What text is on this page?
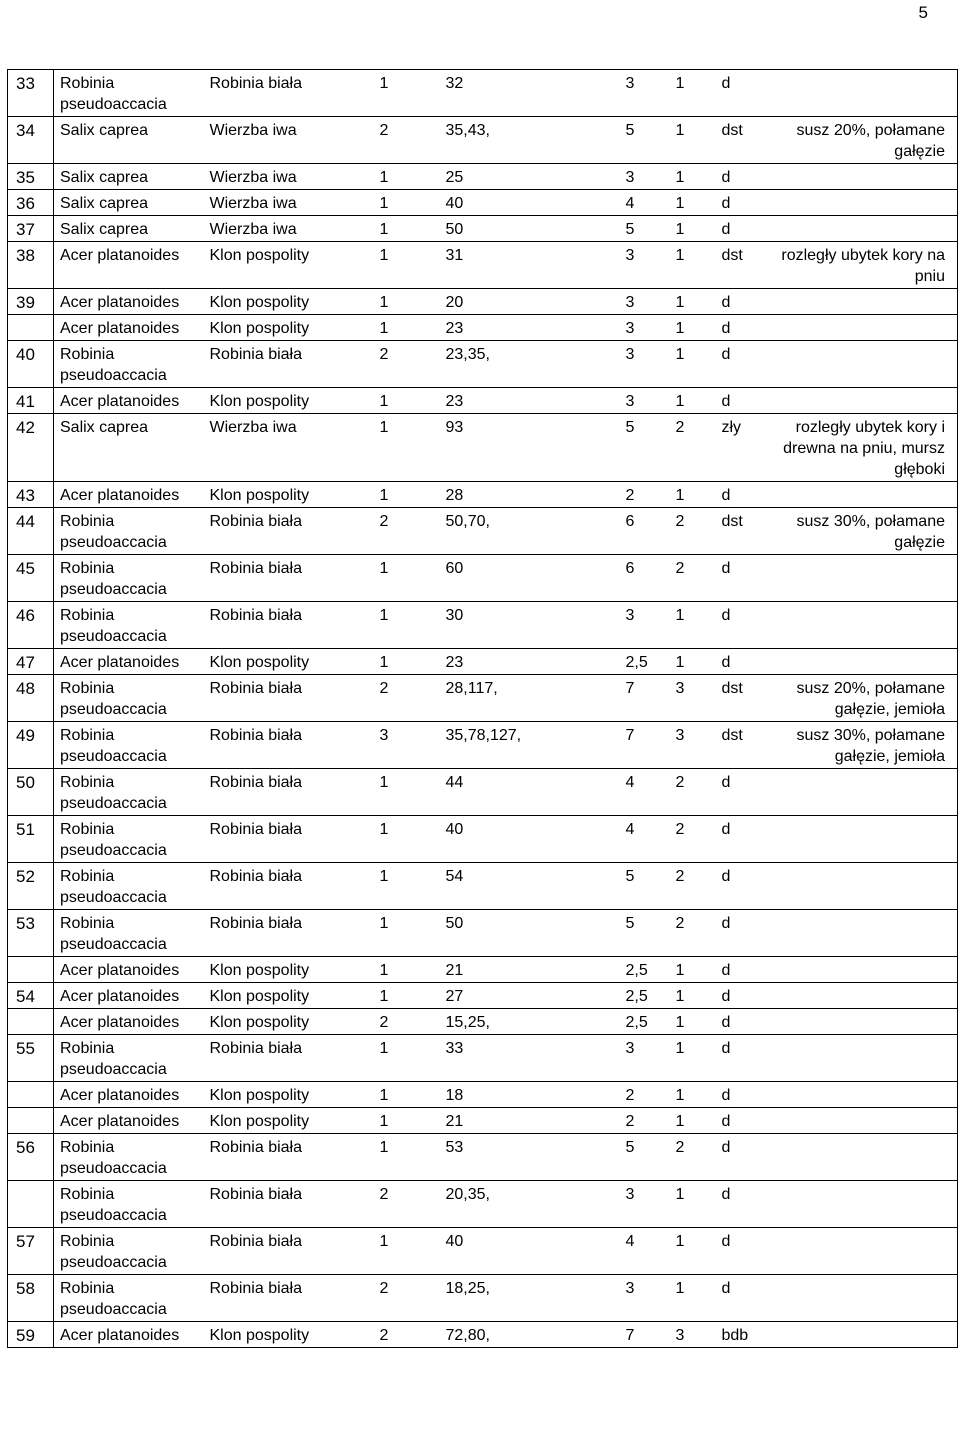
5
33	Robinia pseudoaccacia	Robinia biała	1	32	3	1	d	
34	Salix caprea	Wierzba iwa	2	35,43,	5	1	dst	susz 20%, połamane gałęzie
35	Salix caprea	Wierzba iwa	1	25	3	1	d	
36	Salix caprea	Wierzba iwa	1	40	4	1	d	
37	Salix caprea	Wierzba iwa	1	50	5	1	d	
38	Acer platanoides	Klon pospolity	1	31	3	1	dst	rozległy ubytek kory na pniu
39	Acer platanoides	Klon pospolity	1	20	3	1	d	
	Acer platanoides	Klon pospolity	1	23	3	1	d	
40	Robinia pseudoaccacia	Robinia biała	2	23,35,	3	1	d	
41	Acer platanoides	Klon pospolity	1	23	3	1	d	
42	Salix caprea	Wierzba iwa	1	93	5	2	zły	rozległy ubytek kory i drewna na pniu, mursz głęboki
43	Acer platanoides	Klon pospolity	1	28	2	1	d	
44	Robinia pseudoaccacia	Robinia biała	2	50,70,	6	2	dst	susz 30%, połamane gałęzie
45	Robinia pseudoaccacia	Robinia biała	1	60	6	2	d	
46	Robinia pseudoaccacia	Robinia biała	1	30	3	1	d	
47	Acer platanoides	Klon pospolity	1	23	2,5	1	d	
48	Robinia pseudoaccacia	Robinia biała	2	28,117,	7	3	dst	susz 20%, połamane gałęzie, jemioła
49	Robinia pseudoaccacia	Robinia biała	3	35,78,127,	7	3	dst	susz 30%, połamane gałęzie, jemioła
50	Robinia pseudoaccacia	Robinia biała	1	44	4	2	d	
51	Robinia pseudoaccacia	Robinia biała	1	40	4	2	d	
52	Robinia pseudoaccacia	Robinia biała	1	54	5	2	d	
53	Robinia pseudoaccacia	Robinia biała	1	50	5	2	d	
	Acer platanoides	Klon pospolity	1	21	2,5	1	d	
54	Acer platanoides	Klon pospolity	1	27	2,5	1	d	
	Acer platanoides	Klon pospolity	2	15,25,	2,5	1	d	
55	Robinia pseudoaccacia	Robinia biała	1	33	3	1	d	
	Acer platanoides	Klon pospolity	1	18	2	1	d	
	Acer platanoides	Klon pospolity	1	21	2	1	d	
56	Robinia pseudoaccacia	Robinia biała	1	53	5	2	d	
	Robinia pseudoaccacia	Robinia biała	2	20,35,	3	1	d	
57	Robinia pseudoaccacia	Robinia biała	1	40	4	1	d	
58	Robinia pseudoaccacia	Robinia biała	2	18,25,	3	1	d	
59	Acer platanoides	Klon pospolity	2	72,80,	7	3	bdb	
